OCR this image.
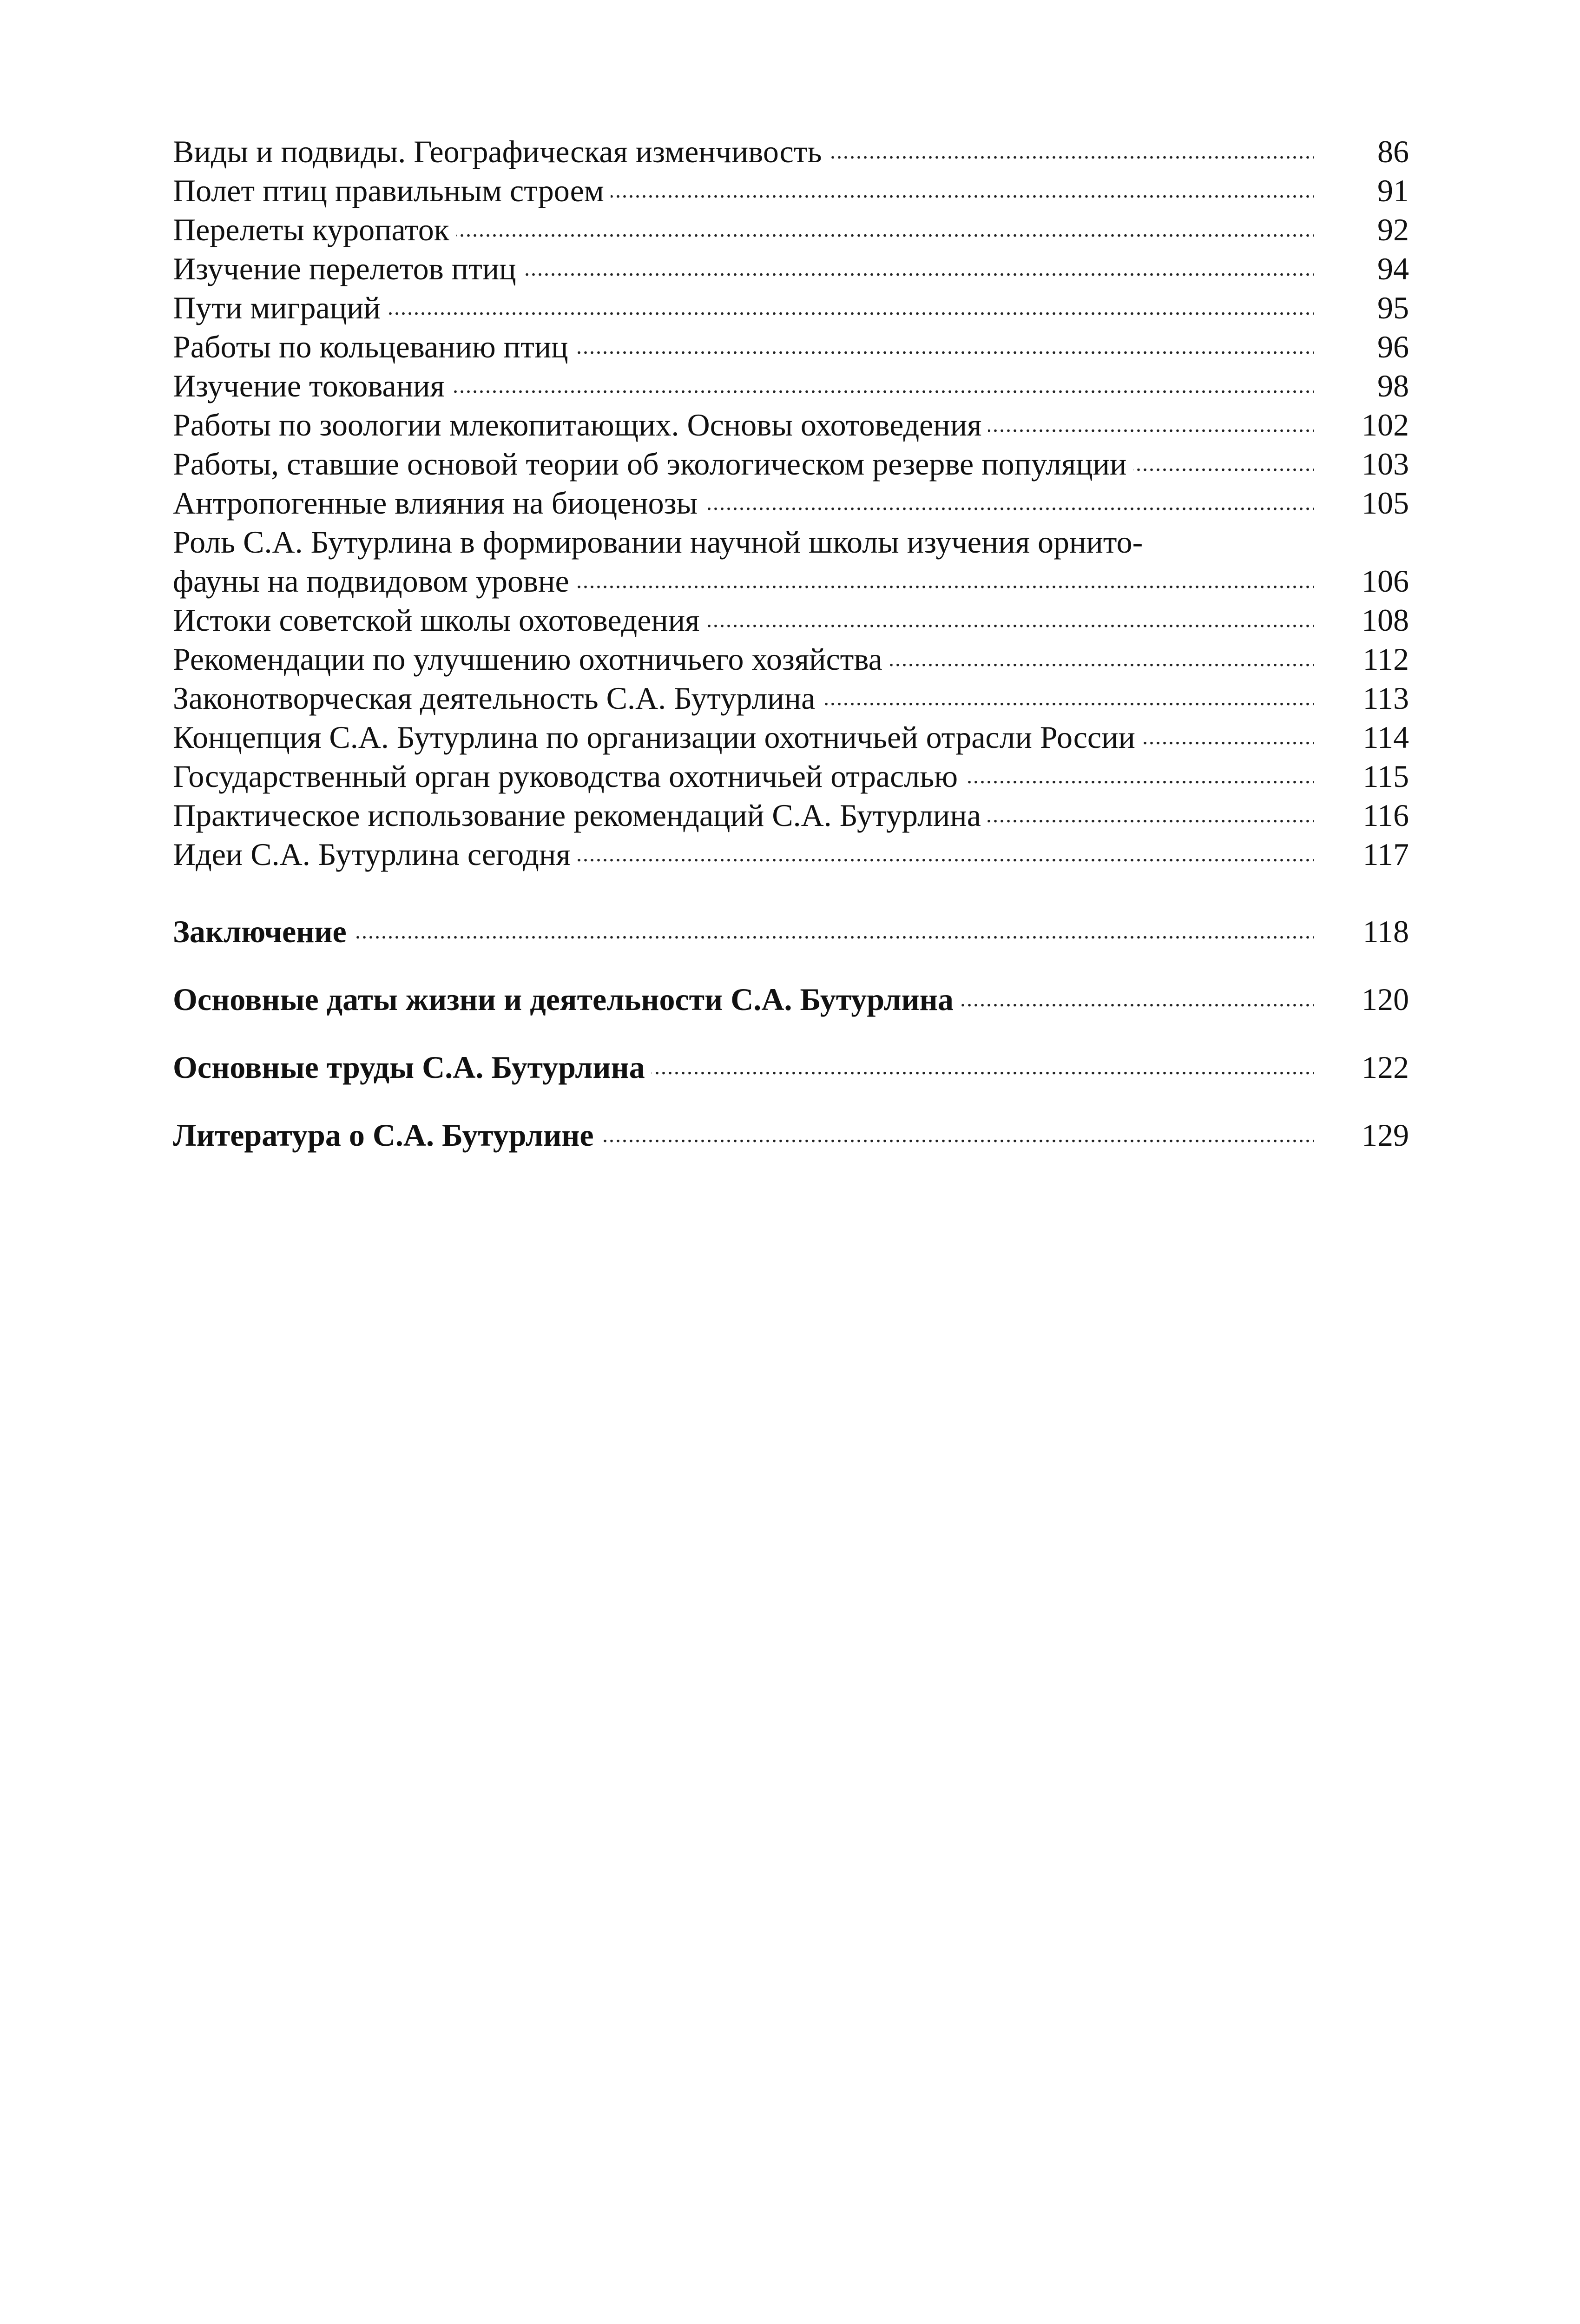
.....
Виды и подвиды. Географическая изменчивость	86
.....
Полет птиц правильным строем	91
.....
Перелеты куропаток	92
.....
Изучение перелетов птиц	94
.....
Пути миграций	95
.....
Работы по кольцеванию птиц	96
.....
Изучение токования	98
.....
Работы по зоологии млекопитающих. Основы охотоведения	102
.....
Работы, ставшие основой теории об экологическом резерве популяции	103
.....
Антропогенные влияния на биоценозы	105
Роль С.А. Бутурлина в формировании научной школы изучения орнито-
.....
фауны на подвидовом уровне	106
.....
Истоки советской школы охотоведения	108
.....
Рекомендации по улучшению охотничьего хозяйства	112
.....
Законотворческая деятельность С.А. Бутурлина	113
.....
Концепция С.А. Бутурлина по организации охотничьей отрасли России	114
.....
Государственный орган руководства охотничьей отраслью	115
.....
Практическое использование рекомендаций С.А. Бутурлина	116
.....
Идеи С.А. Бутурлина сегодня	117
.....
Заключение	118
.....
Основные даты жизни и деятельности С.А. Бутурлина	120
.....
Основные труды С.А. Бутурлина	122
.....
Литература о С.А. Бутурлине	129
